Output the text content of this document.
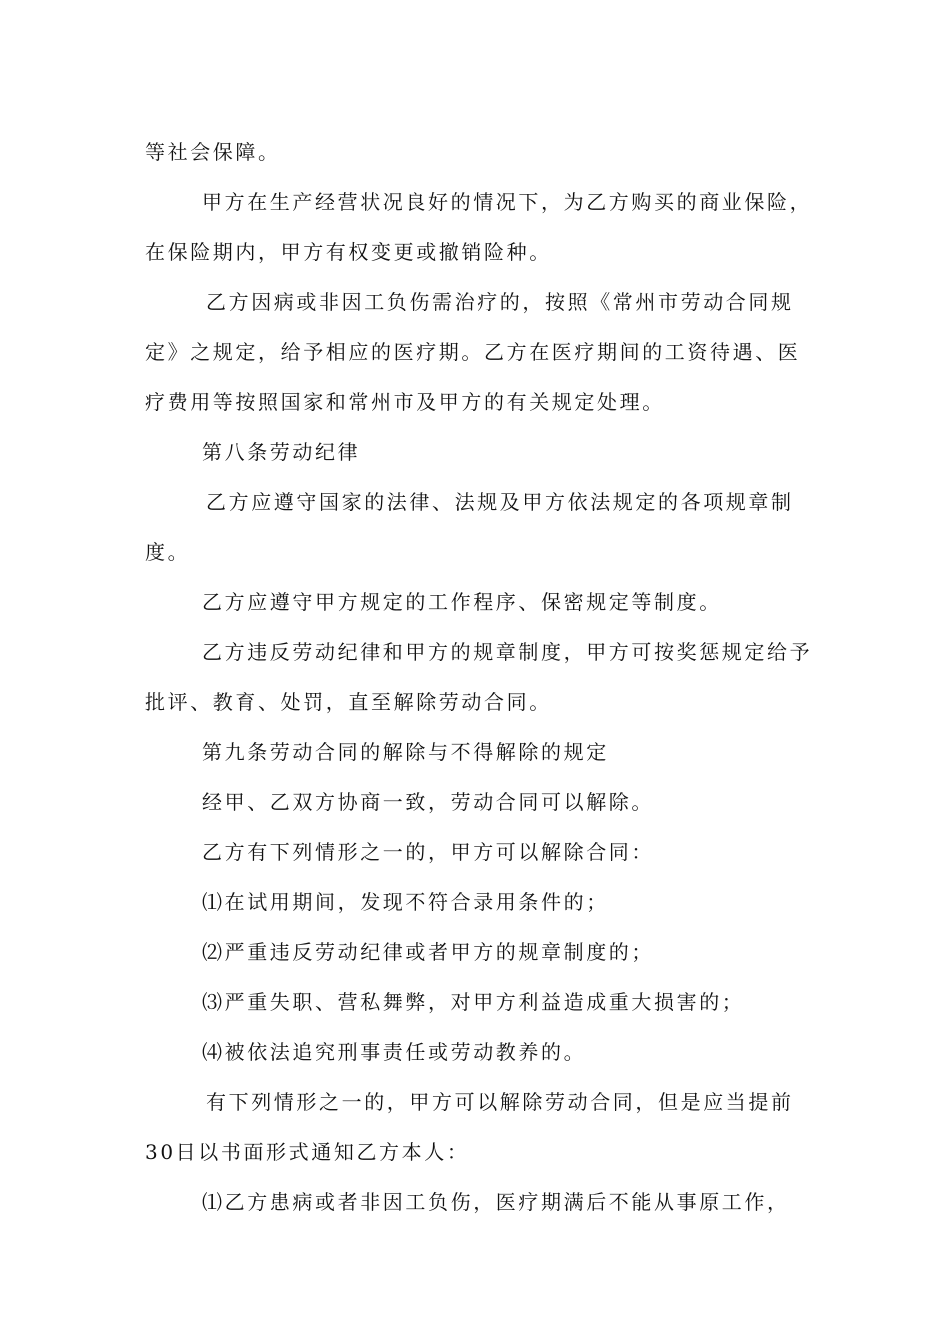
等社会保障。
甲方在生产经营状况良好的情况下，为乙方购买的商业保险，
在保险期内，甲方有权变更或撤销险种。
乙方因病或非因工负伤需治疗的，按照《常州市劳动合同规
定》之规定，给予相应的医疗期。乙方在医疗期间的工资待遇、医
疗费用等按照国家和常州市及甲方的有关规定处理。
第八条劳动纪律
乙方应遵守国家的法律、法规及甲方依法规定的各项规章制
度。
乙方应遵守甲方规定的工作程序、保密规定等制度。
乙方违反劳动纪律和甲方的规章制度，甲方可按奖惩规定给予
批评、教育、处罚，直至解除劳动合同。
第九条劳动合同的解除与不得解除的规定
经甲、乙双方协商一致，劳动合同可以解除。
乙方有下列情形之一的，甲方可以解除合同：
⑴在试用期间，发现不符合录用条件的；
⑵严重违反劳动纪律或者甲方的规章制度的；
⑶严重失职、营私舞弊，对甲方利益造成重大损害的；
⑷被依法追究刑事责任或劳动教养的。
有下列情形之一的，甲方可以解除劳动合同，但是应当提前
30日以书面形式通知乙方本人：
⑴乙方患病或者非因工负伤，医疗期满后不能从事原工作，
